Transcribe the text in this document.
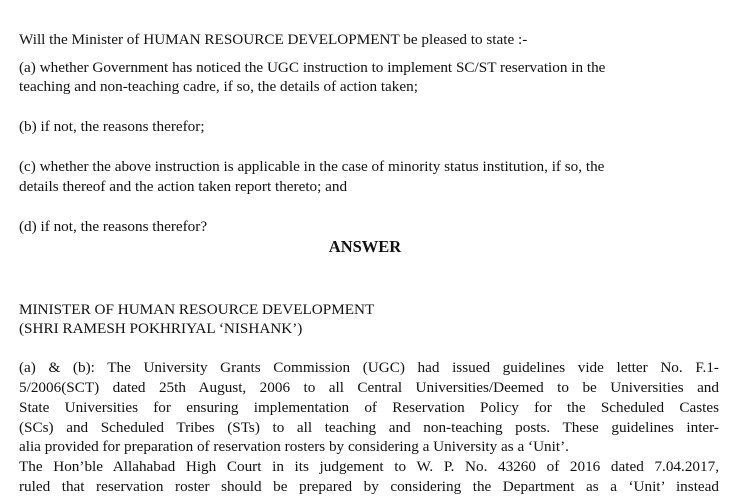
Will the Minister of HUMAN RESOURCE DEVELOPMENT be pleased to state :-
(a) whether Government has noticed the UGC instruction to implement SC/ST reservation in the
teaching and non-teaching cadre, if so, the details of action taken;
(b) if not, the reasons therefor;
(c) whether the above instruction is applicable in the case of minority status institution, if so, the
details thereof and the action taken report thereto; and
(d) if not, the reasons therefor?
ANSWER
MINISTER OF HUMAN RESOURCE DEVELOPMENT
(SHRI RAMESH POKHRIYAL ‘NISHANK’)
(a) & (b): The University Grants Commission (UGC) had issued guidelines vide letter No. F.1-
5/2006(SCT) dated 25th August, 2006 to all Central Universities/Deemed to be Universities and
State Universities for ensuring implementation of Reservation Policy for the Scheduled Castes
(SCs) and Scheduled Tribes (STs) to all teaching and non-teaching posts. These guidelines inter-
alia provided for preparation of reservation rosters by considering a University as a ‘Unit’.
The Hon’ble Allahabad High Court in its judgement to W. P. No. 43260 of 2016 dated 7.04.2017,
ruled that reservation roster should be prepared by considering the Department as a ‘Unit’ instead
